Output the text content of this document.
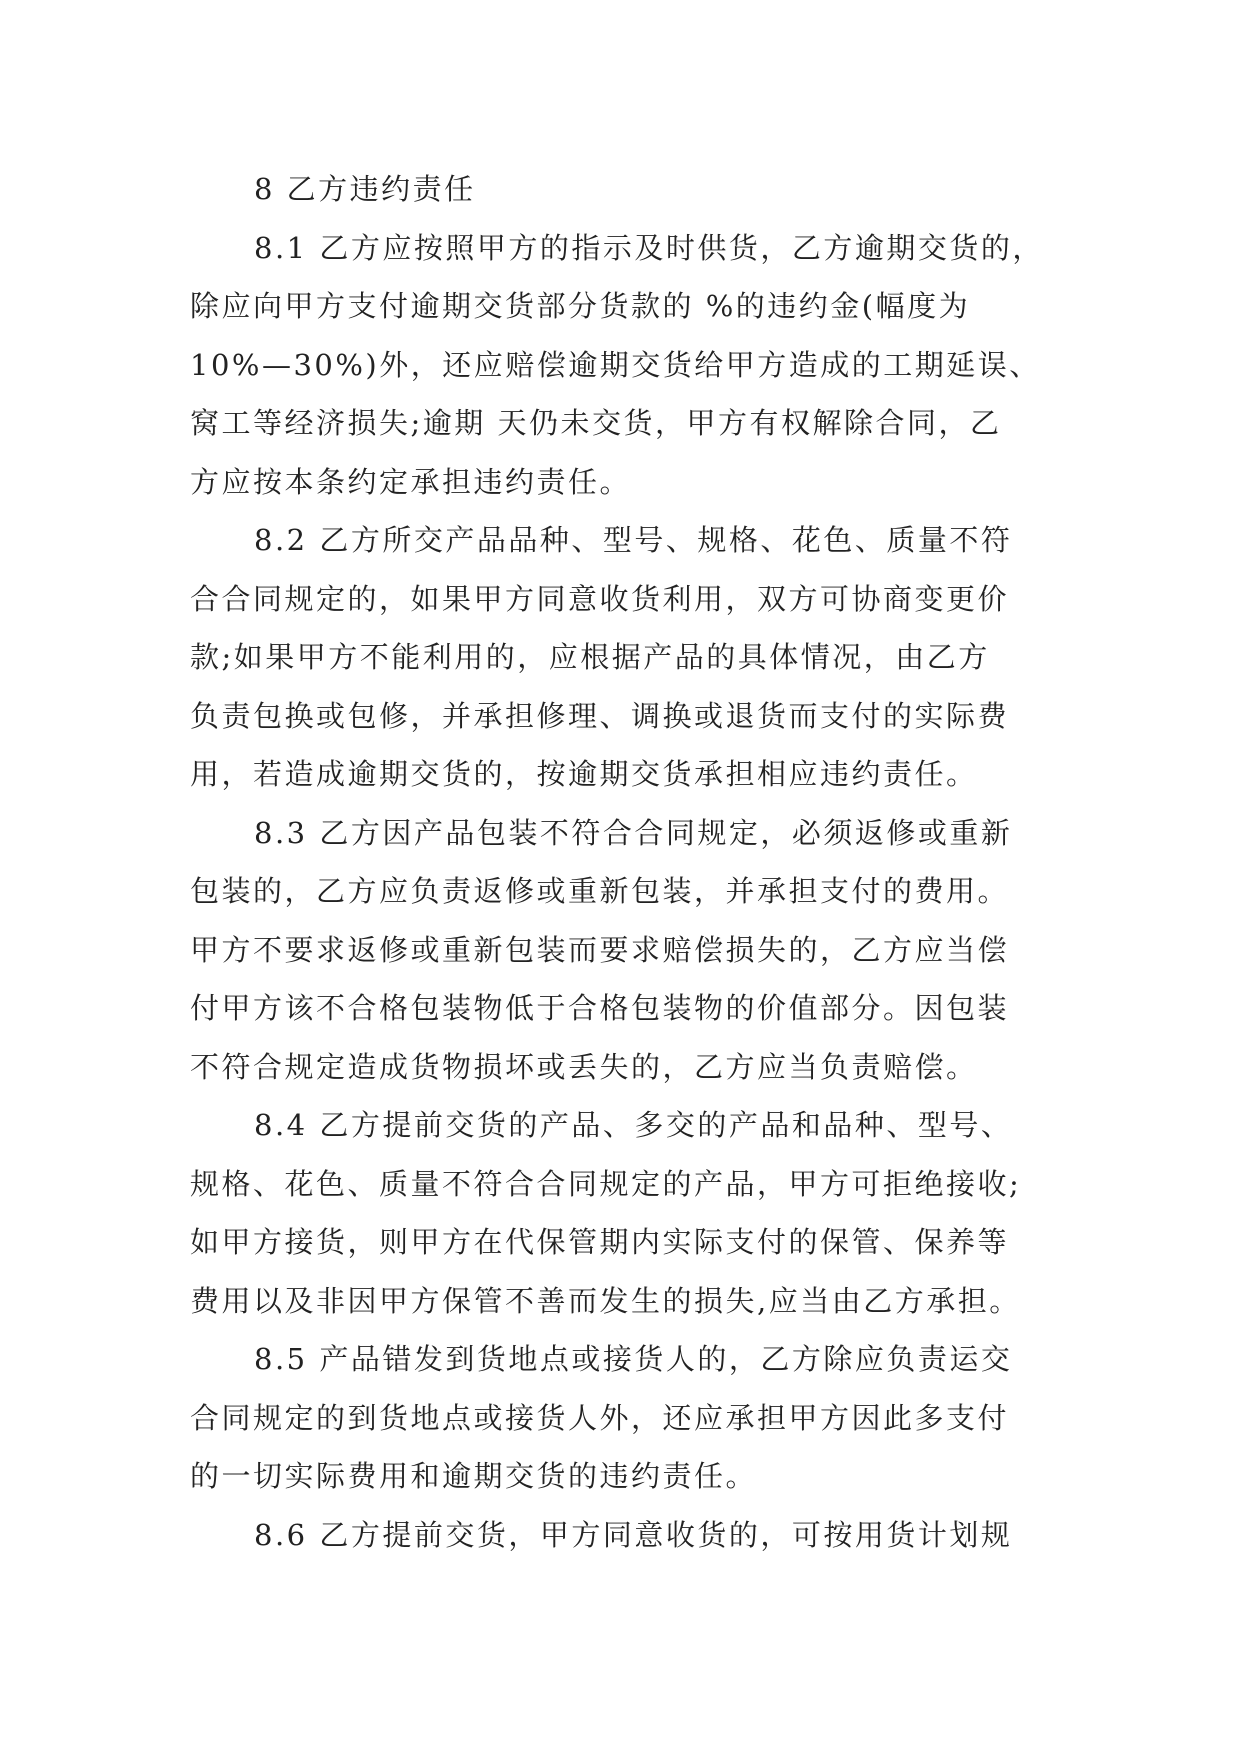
8 乙方违约责任
8.1 乙方应按照甲方的指示及时供货，乙方逾期交货的，
除应向甲方支付逾期交货部分货款的 %的违约金(幅度为
10%—30%)外，还应赔偿逾期交货给甲方造成的工期延误、
窝工等经济损失;逾期 天仍未交货，甲方有权解除合同，乙
方应按本条约定承担违约责任。
8.2 乙方所交产品品种、型号、规格、花色、质量不符
合合同规定的，如果甲方同意收货利用，双方可协商变更价
款;如果甲方不能利用的，应根据产品的具体情况，由乙方
负责包换或包修，并承担修理、调换或退货而支付的实际费
用，若造成逾期交货的，按逾期交货承担相应违约责任。
8.3 乙方因产品包装不符合合同规定，必须返修或重新
包装的，乙方应负责返修或重新包装，并承担支付的费用。
甲方不要求返修或重新包装而要求赔偿损失的，乙方应当偿
付甲方该不合格包装物低于合格包装物的价值部分。因包装
不符合规定造成货物损坏或丢失的，乙方应当负责赔偿。
8.4 乙方提前交货的产品、多交的产品和品种、型号、
规格、花色、质量不符合合同规定的产品，甲方可拒绝接收;
如甲方接货，则甲方在代保管期内实际支付的保管、保养等
费用以及非因甲方保管不善而发生的损失,应当由乙方承担。
8.5 产品错发到货地点或接货人的，乙方除应负责运交
合同规定的到货地点或接货人外，还应承担甲方因此多支付
的一切实际费用和逾期交货的违约责任。
8.6 乙方提前交货，甲方同意收货的，可按用货计划规
